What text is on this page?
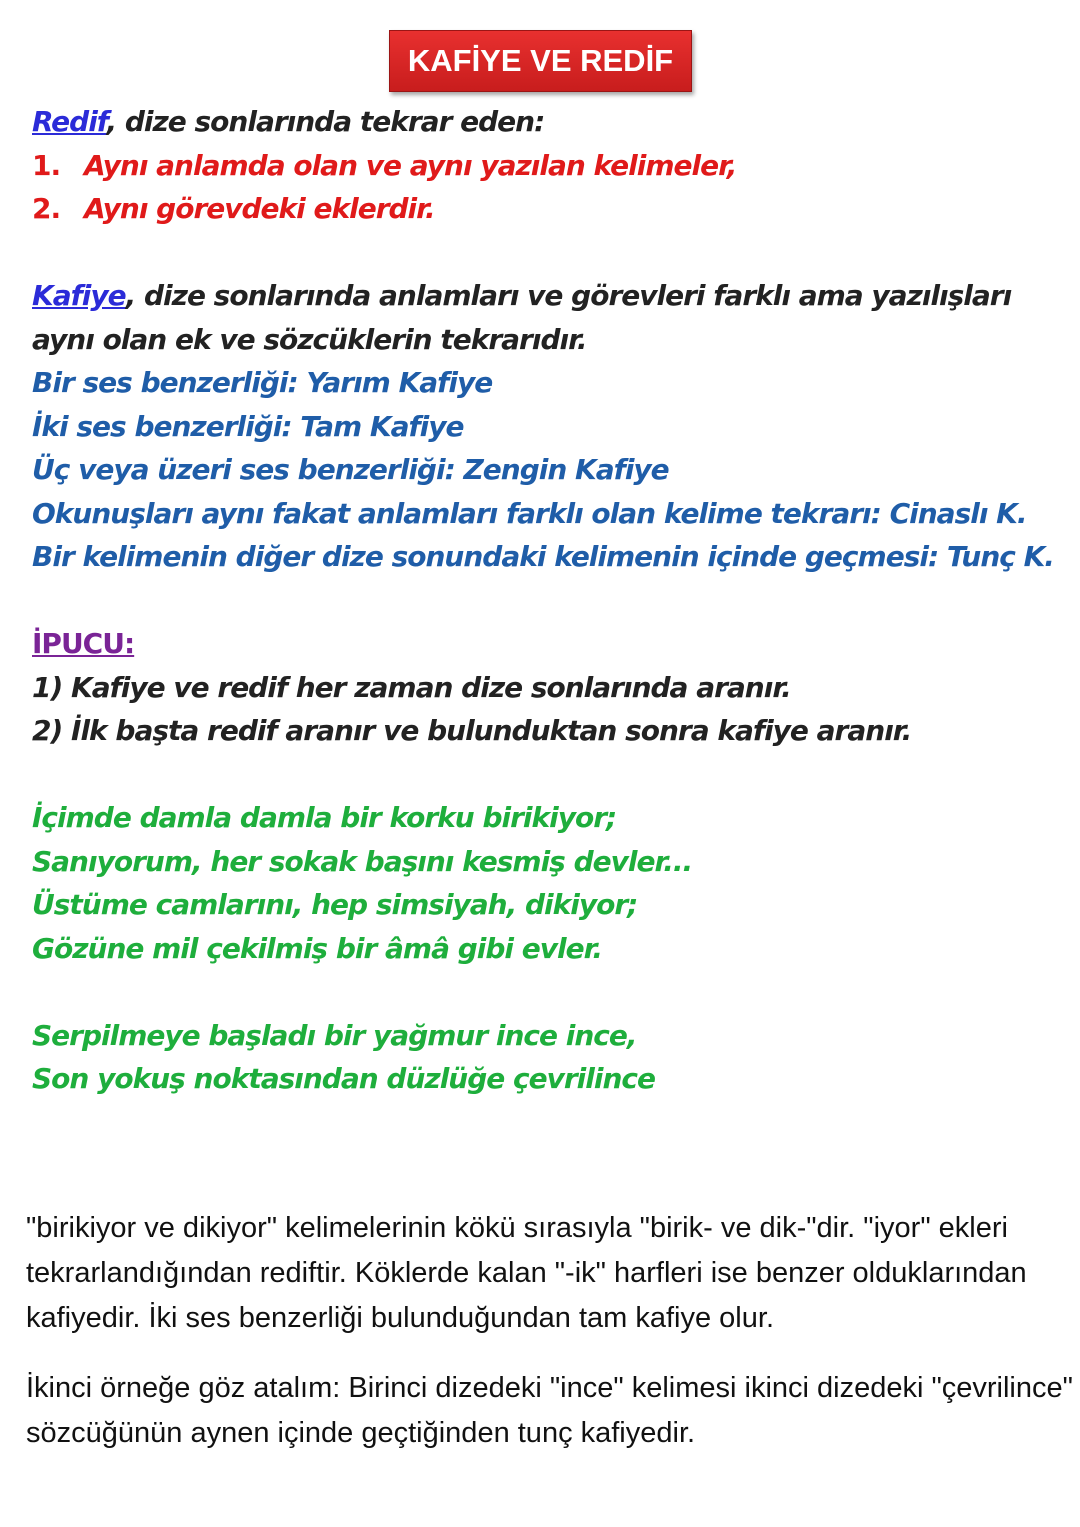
KAFİYE VE REDİF
Redif, dize sonlarında tekrar eden:
1. Aynı anlamda olan ve aynı yazılan kelimeler,
2. Aynı görevdeki eklerdir.
Kafiye, dize sonlarında anlamları ve görevleri farklı ama yazılışları
aynı olan ek ve sözcüklerin tekrarıdır.
Bir ses benzerliği: Yarım Kafiye
İki ses benzerliği: Tam Kafiye
Üç veya üzeri ses benzerliği: Zengin Kafiye
Okunuşları aynı fakat anlamları farklı olan kelime tekrarı: Cinaslı K.
Bir kelimenin diğer dize sonundaki kelimenin içinde geçmesi: Tunç K.
İPUCU:
1) Kafiye ve redif her zaman dize sonlarında aranır.
2) İlk başta redif aranır ve bulunduktan sonra kafiye aranır.
İçimde damla damla bir korku birikiyor;
Sanıyorum, her sokak başını kesmiş devler...
Üstüme camlarını, hep simsiyah, dikiyor;
Gözüne mil çekilmiş bir âmâ gibi evler.
Serpilmeye başladı bir yağmur ince ince,
Son yokuş noktasından düzlüğe çevrilince

"birikiyor ve dikiyor" kelimelerinin kökü sırasıyla "birik- ve dik-"dir. "iyor" ekleri tekrarlandığından rediftir. Köklerde kalan "-ik" harfleri ise benzer olduklarından kafiyedir. İki ses benzerliği bulunduğundan tam kafiye olur.

İkinci örneğe göz atalım: Birinci dizedeki "ince" kelimesi ikinci dizedeki "çevrilince" sözcüğünün aynen içinde geçtiğinden tunç kafiyedir.
